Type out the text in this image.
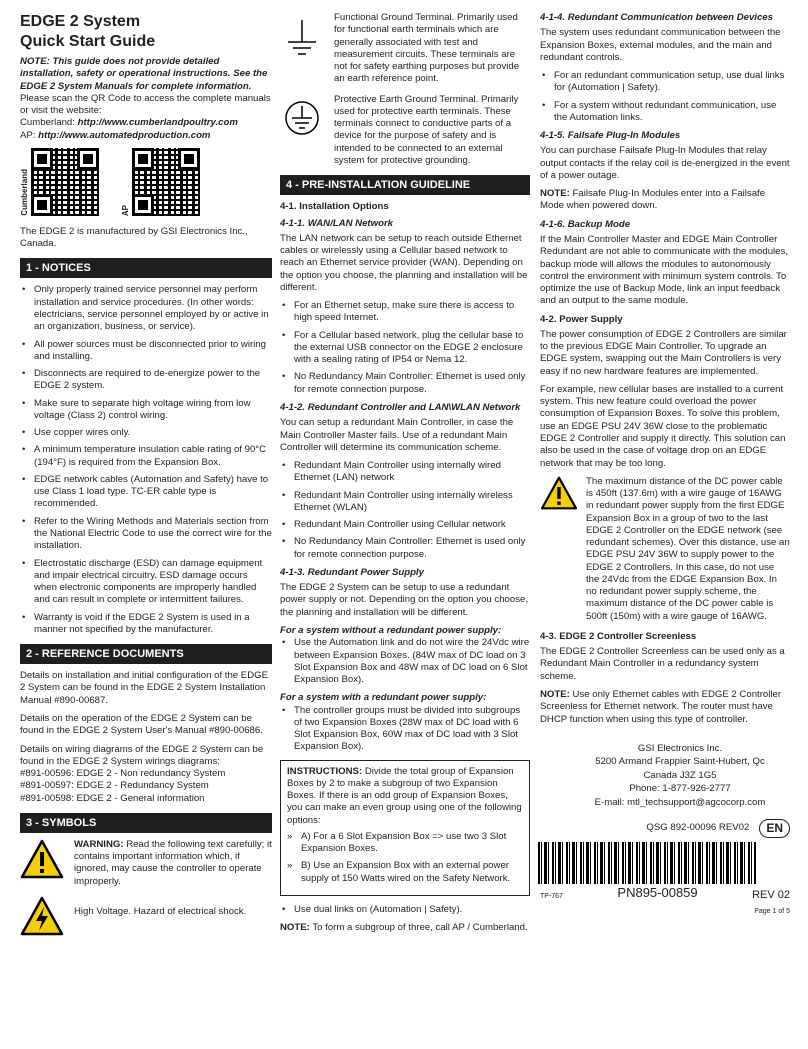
EDGE 2 System
Quick Start Guide

NOTE: This guide does not provide detailed installation, safety or operational instructions. See the EDGE 2 System Manuals for complete information. Please scan the QR Code to access the complete manuals or visit the website:
Cumberland: http://www.cumberlandpoultry.com
AP: http://www.automatedproduction.com

Cumberland	AP

The EDGE 2 is manufactured by GSI Electronics Inc., Canada.

1 - NOTICES
• Only properly trained service personnel may perform installation and service procedures. (In other words: electricians, service personnel employed by or active in an organization, business, or service).
• All power sources must be disconnected prior to wiring and installing.
• Disconnects are required to de-energize power to the EDGE 2 system.
• Make sure to separate high voltage wiring from low voltage (Class 2) control wiring.
• Use copper wires only.
• A minimum temperature insulation cable rating of 90°C (194°F) is required from the Expansion Box.
• EDGE network cables (Automation and Safety) have to use Class 1 load type. TC-ER cable type is recommended.
• Refer to the Wiring Methods and Materials section from the National Electric Code to use the correct wire for the installation.
• Electrostatic discharge (ESD) can damage equipment and impair electrical circuitry. ESD damage occurs when electronic components are improperly handled and can result in complete or intermittent failures.
• Warranty is void if the EDGE 2 System is used in a manner not specified by the manufacturer.
2 - REFERENCE DOCUMENTS

Details on installation and initial configuration of the EDGE 2 System can be found in the EDGE 2 System Installation Manual #890-00687.

Details on the operation of the EDGE 2 System can be found in the EDGE 2 System User's Manual #890-00686.

Details on wiring diagrams of the EDGE 2 System can be found in the EDGE 2 System wirings diagrams:
#891-00596: EDGE 2 - Non redundancy System
#891-00597: EDGE 2 - Redundancy System
#891-00598: EDGE 2 - General information

3 - SYMBOLS
WARNING: Read the following text carefully; it contains important information which, if ignored, may cause the controller to operate improperly.
High Voltage. Hazard of electrical shock.
Functional Ground Terminal. Primarily used for functional earth terminals which are generally associated with test and measurement circuits. These terminals are not for safety earthing purposes but provide an earth reference point.
Protective Earth Ground Terminal. Primarily used for protective earth terminals. These terminals connect to conductive parts of a device for the purpose of safety and is intended to be connected to an external system for protective grounding.
4 - PRE-INSTALLATION GUIDELINE
4-1. Installation Options
4-1-1. WAN/LAN Network

The LAN network can be setup to reach outside Ethernet cables or wirelessly using a Cellular based network to reach an Ethernet service provider (WAN). Depending on the option you choose, the planning and installation will be different.

• For an Ethernet setup, make sure there is access to high speed Internet.
• For a Cellular based network, plug the cellular base to the external USB connector on the EDGE 2 enclosure with a sealing rating of IP54 or Nema 12.
• No Redundancy Main Controller: Ethernet is used only for remote connection purpose.
4-1-2. Redundant Controller and LAN\WLAN Network

You can setup a redundant Main Controller, in case the Main Controller Master fails. Use of a redundant Main Controller will determine its communication scheme.

• Redundant Main Controller using internally wired Ethernet (LAN) network
• Redundant Main Controller using internally wireless Ethernet (WLAN)
• Redundant Main Controller using Cellular network
• No Redundancy Main Controller: Ethernet is used only for remote connection purpose.
4-1-3. Redundant Power Supply

The EDGE 2 System can be setup to use a redundant power supply or not. Depending on the option you choose, the planning and installation will be different.

For a system without a redundant power supply:
• Use the Automation link and do not wire the 24Vdc wire between Expansion Boxes. (84W max of DC load on 3 Slot Expansion Box and 48W max of DC load on 6 Slot Expansion Box).
For a system with a redundant power supply:
• The controller groups must be divided into subgroups of two Expansion Boxes (28W max of DC load with 6 Slot Expansion Box, 60W max of DC load with 3 Slot Expansion Box).

INSTRUCTIONS: Divide the total group of Expansion Boxes by 2 to make a subgroup of two Expansion Boxes. If there is an odd group of Expansion Boxes, you can make an even group using one of the following options:

» A) For a 6 Slot Expansion Box => use two 3 Slot Expansion Boxes.
» B) Use an Expansion Box with an external power supply of 150 Watts wired on the Safety Network.
• Use dual links on (Automation | Safety).

NOTE: To form a subgroup of three, call AP / Cumberland.

4-1-4. Redundant Communication between Devices

The system uses redundant communication between the Expansion Boxes, external modules, and the main and redundant controls.

• For an redundant communication setup, use dual links for (Automation | Safety).
• For a system without redundant communication, use the Automation links.
4-1-5. Failsafe Plug-In Modules

You can purchase Failsafe Plug-In Modules that relay output contacts if the relay coil is de-energized in the event of a power outage.

NOTE: Failsafe Plug-In Modules enter into a Failsafe Mode when powered down.

4-1-6. Backup Mode

If the Main Controller Master and EDGE Main Controller Redundant are not able to communicate with the modules, backup mode will allows the modules to autonomously control the environment with minimum system controls. To optimize the use of Backup Mode, link an input feedback and an output to the same module.

4-2. Power Supply

The power consumption of EDGE 2 Controllers are similar to the previous EDGE Main Controller. To upgrade an EDGE system, swapping out the Main Controllers is very easy if no new hardware features are implemented.

For example, new cellular bases are installed to a current system. This new feature could overload the power consumption of Expansion Boxes. To solve this problem, use an EDGE PSU 24V 36W close to the problematic EDGE 2 Controller and supply it directly. This solution can also be used in the case of voltage drop on an EDGE network that may be too long.

The maximum distance of the DC power cable is 450ft (137.6m) with a wire gauge of 16AWG in redundant power supply from the first EDGE Expansion Box in a group of two to the last EDGE 2 Controller on the EDGE network (see redundant schemes). Over this distance, use an EDGE PSU 24V 36W to supply power to the EDGE 2 Controllers. In this case, do not use the 24Vdc from the EDGE Expansion Box. In no redundant power supply scheme, the maximum distance of the DC power cable is 500ft (150m) with a wire gauge of 16AWG.
4-3. EDGE 2 Controller Screenless

The EDGE 2 Controller Screenless can be used only as a Redundant Main Controller in a redundancy system scheme.

NOTE: Use only Ethernet cables with EDGE 2 Controller Screenless for Ethernet network. The router must have DHCP function when using this type of controller.

GSI Electronics Inc.
5200 Armand Frappier Saint-Hubert, Qc
Canada J3Z 1G5
Phone: 1-877-926-2777
E-mail: mtl_techsupport@agcocorp.com
QSG 892-00096 REV02	EN
TP-767	PN895-00859	REV 02
Page 1 of 5
